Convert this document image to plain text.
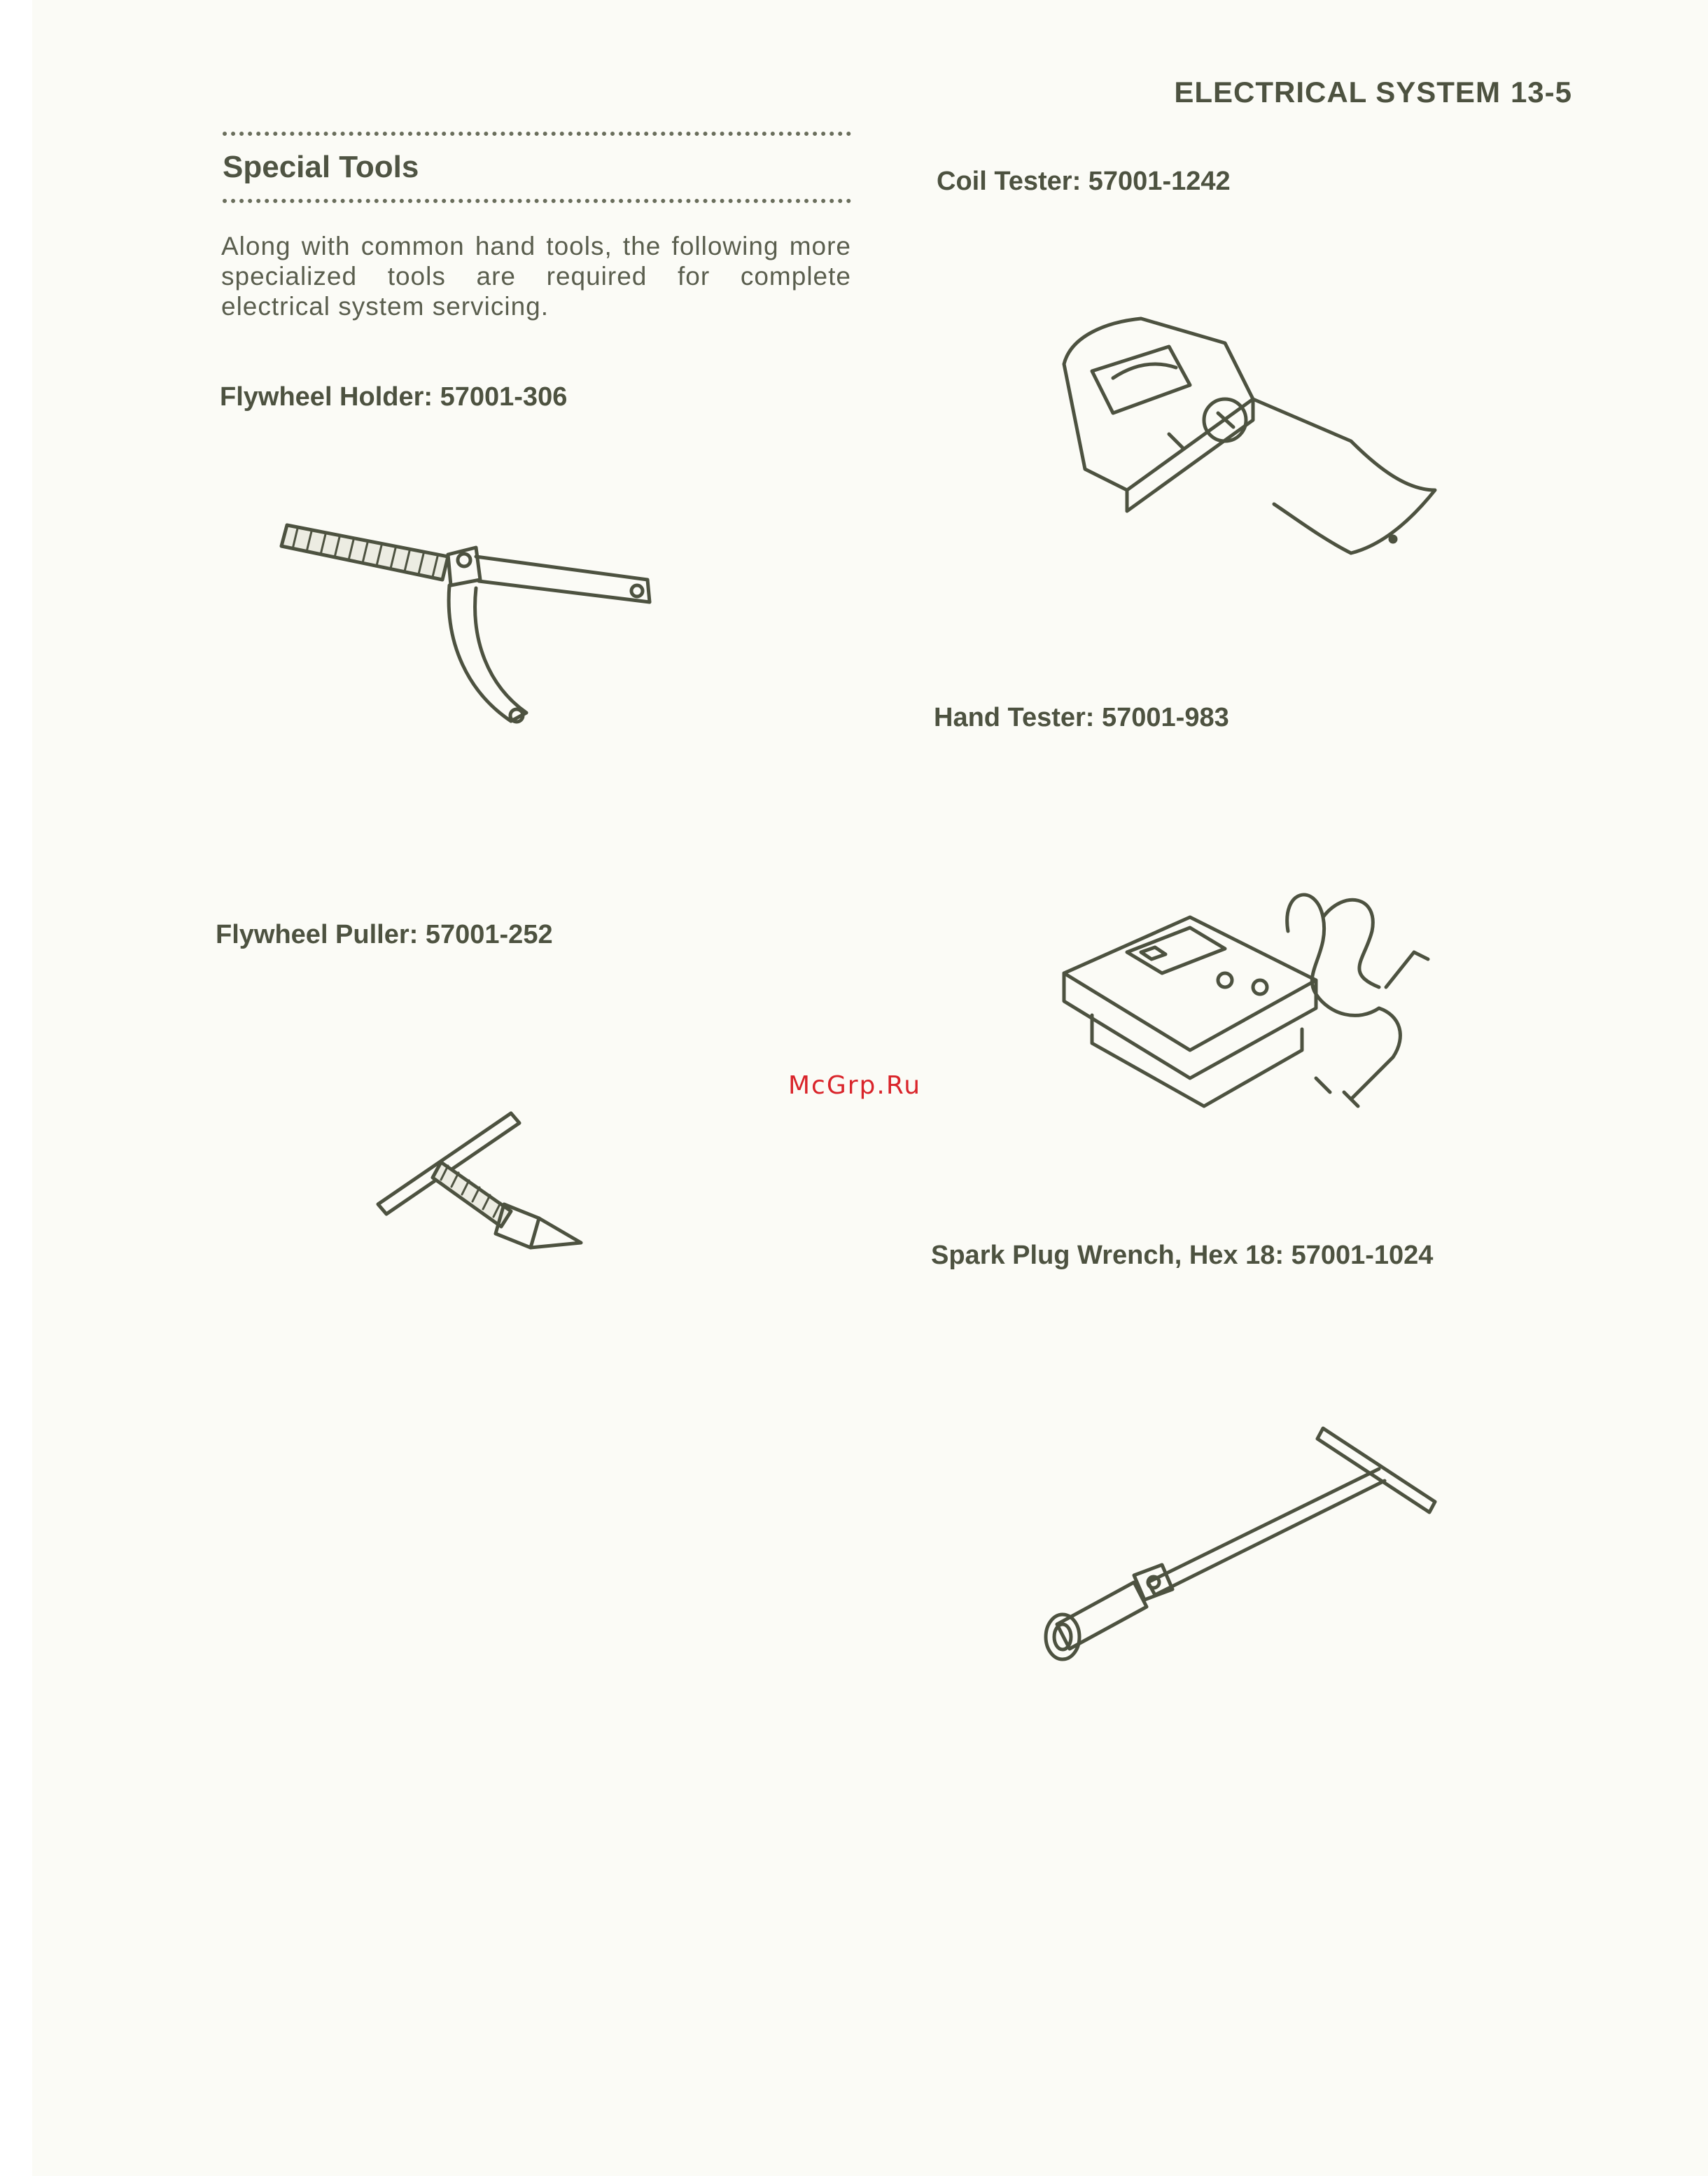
ELECTRICAL SYSTEM 13-5
Special Tools
Along with common hand tools, the following more specialized tools are required for complete electrical system servicing.
Flywheel Holder: 57001-306
Flywheel Puller: 57001-252
Coil Tester: 57001-1242
Hand Tester: 57001-983
Spark Plug Wrench, Hex 18: 57001-1024
McGrp.Ru
